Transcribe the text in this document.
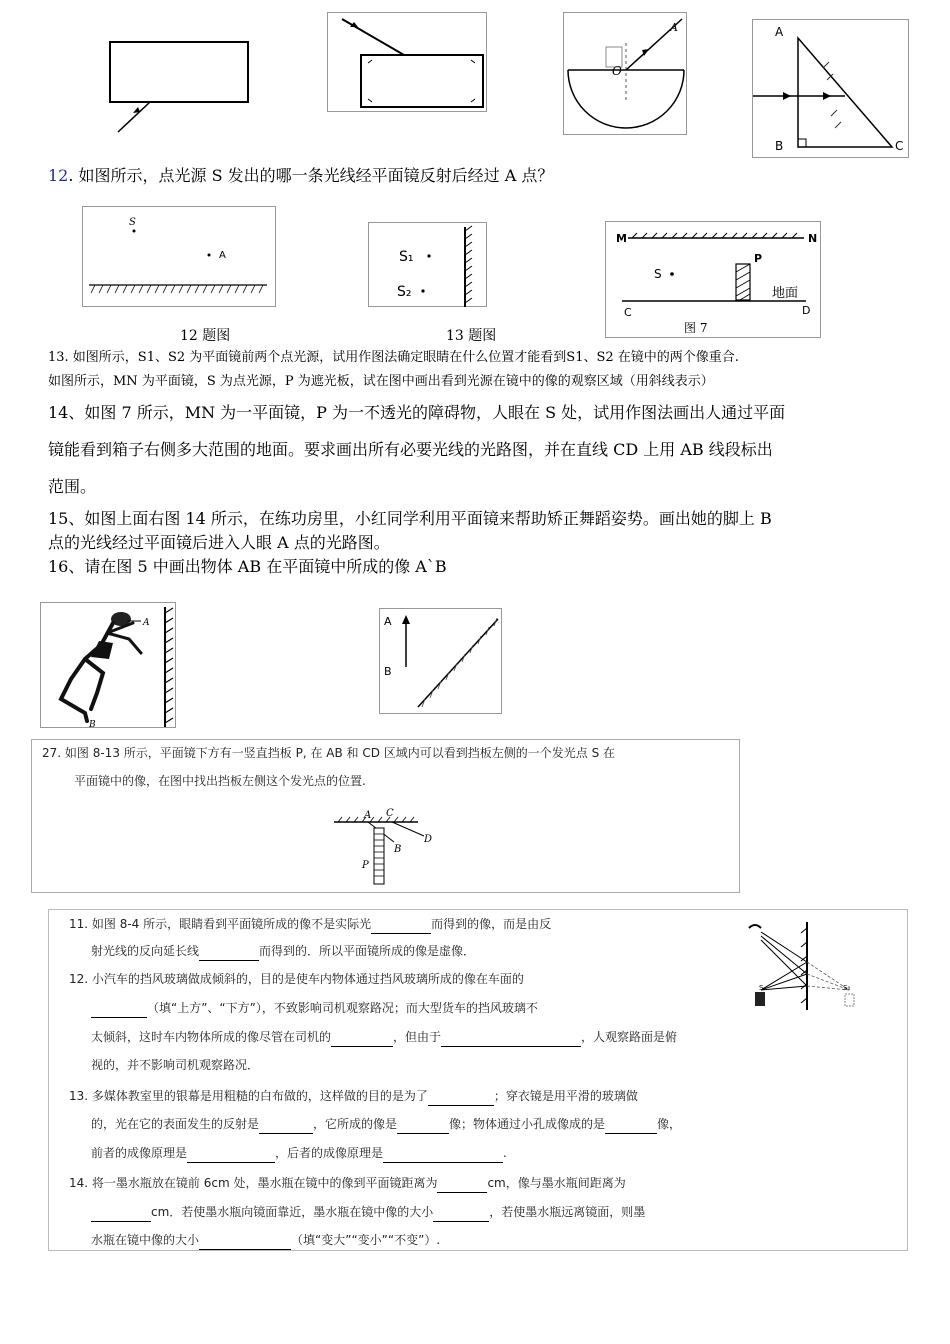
A
O
A
B	C
12. 如图所示，点光源 S 发出的哪一条光线经平面镜反射后经过 A 点？
S
A	S₁
S₂
M	N
S
P
地面
C	D
图 7
12 题图	13 题图
13. 如图所示，S1、S2 为平面镜前两个点光源，试用作图法确定眼睛在什么位置才能看到S1、S2 在镜中的两个像重合.
如图所示，MN 为平面镜，S 为点光源，P 为遮光板，试在图中画出看到光源在镜中的像的观察区域（用斜线表示）
14、如图 7 所示，MN 为一平面镜，P 为一不透光的障碍物，人眼在 S 处，试用作图法画出人通过平面
镜能看到箱子右侧多大范围的地面。要求画出所有必要光线的光路图，并在直线 CD 上用 AB 线段标出
范围。
15、如图上面右图 14 所示，在练功房里，小红同学利用平面镜来帮助矫正舞蹈姿势。画出她的脚上 B
点的光线经过平面镜后进入人眼 A 点的光路图。
16、请在图 5 中画出物体 AB 在平面镜中所成的像 A`B
A
B
A
B
27. 如图 8-13 所示，平面镜下方有一竖直挡板 P, 在 AB 和 CD 区域内可以看到挡板左侧的一个发光点 S 在
平面镜中的像，在图中找出挡板左侧这个发光点的位置.
A C
B
D
P
11. 如图 8-4 所示，眼睛看到平面镜所成的像不是实际光	而得到的像，而是由反
射光线的反向延长线	而得到的．所以平面镜所成的像是虚像．
12. 小汽车的挡风玻璃做成倾斜的，目的是使车内物体通过挡风玻璃所成的像在车面的
（填“上方”、“下方”），不致影响司机观察路况；而大型货车的挡风玻璃不
太倾斜，这时车内物体所成的像尽管在司机的	，但由于	，人观察路面是俯
视的，并不影响司机观察路况．
13. 多媒体教室里的银幕是用粗糙的白布做的，这样做的目的是为了	；穿衣镜是用平滑的玻璃做
的，光在它的表面发生的反射是	，它所成的像是	像；物体通过小孔成像成的是	像，
前者的成像原理是	，后者的成像原理是	.
14. 将一墨水瓶放在镜前 6cm 处，墨水瓶在镜中的像到平面镜距离为	cm，像与墨水瓶间距离为
cm．若使墨水瓶向镜面靠近，墨水瓶在镜中像的大小	，若使墨水瓶远离镜面，则墨
水瓶在镜中像的大小	（填“变大”“变小”“不变”）.
S	S₀
